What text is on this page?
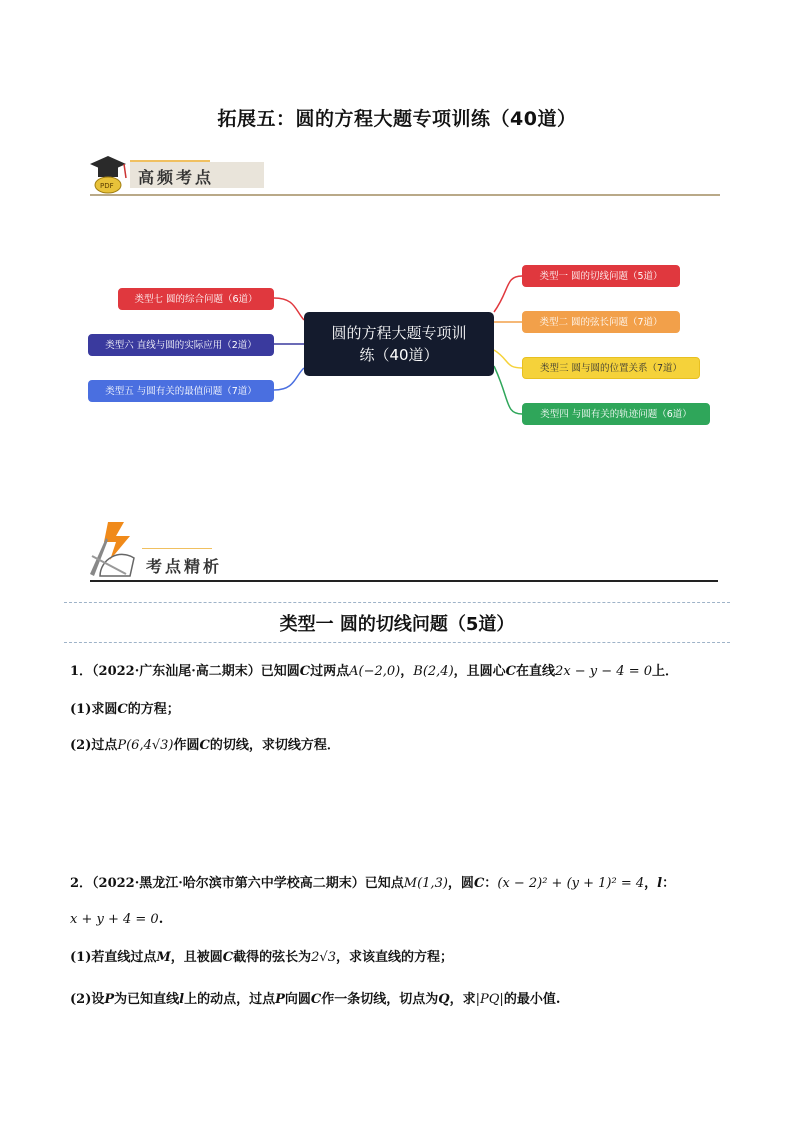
拓展五：圆的方程大题专项训练（40道）
PDF 高频考点
圆的方程大题专项训
练（40道）
类型一 圆的切线问题（5道）
类型二 圆的弦长问题（7道）
类型三 圆与圆的位置关系（7道）
类型四 与圆有关的轨迹问题（6道）
类型五 与圆有关的最值问题（7道）
类型六 直线与圆的实际应用（2道）
类型七 圆的综合问题（6道）
考点精析
类型一 圆的切线问题（5道）
1．（2022·广东汕尾·高二期末）已知圆C过两点A(−2,0)，B(2,4)，且圆心C在直线2x − y − 4 = 0上．
(1)求圆C的方程；
(2)过点P(6,4√3)作圆C的切线，求切线方程．
2．（2022·黑龙江·哈尔滨市第六中学校高二期末）已知点M(1,3)，圆C：(x − 2)² + (y + 1)² = 4，l：
x + y + 4 = 0.
(1)若直线过点M，且被圆C截得的弦长为2√3，求该直线的方程；
(2)设P为已知直线l上的动点，过点P向圆C作一条切线，切点为Q，求|PQ|的最小值.
